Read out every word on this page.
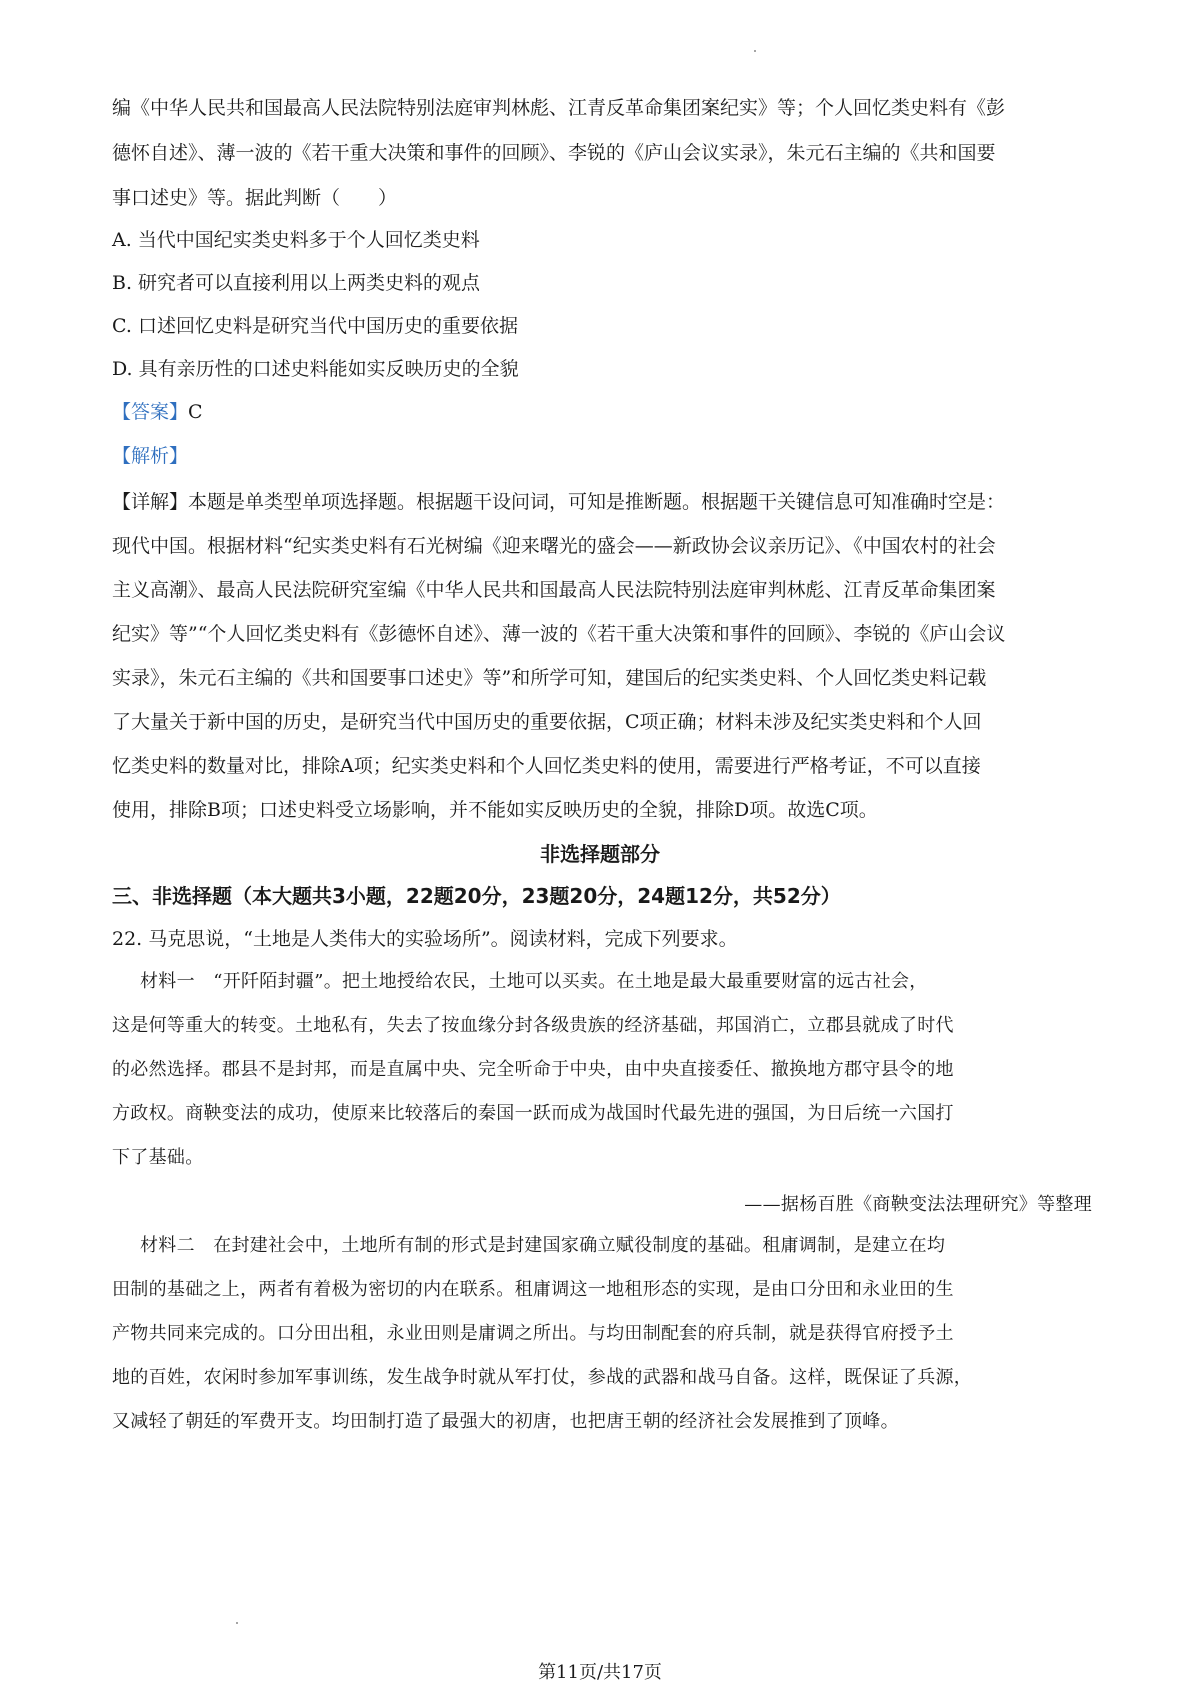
编《中华人民共和国最高人民法院特别法庭审判林彪、江青反革命集团案纪实》等；个人回忆类史料有《彭
德怀自述》、薄一波的《若干重大决策和事件的回顾》、李锐的《庐山会议实录》，朱元石主编的《共和国要
事口述史》等。据此判断（　　）
A. 当代中国纪实类史料多于个人回忆类史料
B. 研究者可以直接利用以上两类史料的观点
C. 口述回忆史料是研究当代中国历史的重要依据
D. 具有亲历性的口述史料能如实反映历史的全貌
【答案】C
【解析】
【详解】本题是单类型单项选择题。根据题干设问词，可知是推断题。根据题干关键信息可知准确时空是：
现代中国。根据材料“纪实类史料有石光树编《迎来曙光的盛会——新政协会议亲历记》、《中国农村的社会
主义高潮》、最高人民法院研究室编《中华人民共和国最高人民法院特别法庭审判林彪、江青反革命集团案
纪实》等”“个人回忆类史料有《彭德怀自述》、薄一波的《若干重大决策和事件的回顾》、李锐的《庐山会议
实录》，朱元石主编的《共和国要事口述史》等”和所学可知，建国后的纪实类史料、个人回忆类史料记载
了大量关于新中国的历史，是研究当代中国历史的重要依据，C项正确；材料未涉及纪实类史料和个人回
忆类史料的数量对比，排除A项；纪实类史料和个人回忆类史料的使用，需要进行严格考证，不可以直接
使用，排除B项；口述史料受立场影响，并不能如实反映历史的全貌，排除D项。故选C项。
非选择题部分
三、非选择题（本大题共3小题，22题20分，23题20分，24题12分，共52分）
22. 马克思说，“土地是人类伟大的实验场所”。阅读材料，完成下列要求。
材料一　“开阡陌封疆”。把土地授给农民，土地可以买卖。在土地是最大最重要财富的远古社会，
这是何等重大的转变。土地私有，失去了按血缘分封各级贵族的经济基础，邦国消亡，立郡县就成了时代
的必然选择。郡县不是封邦，而是直属中央、完全听命于中央，由中央直接委任、撤换地方郡守县令的地
方政权。商鞅变法的成功，使原来比较落后的秦国一跃而成为战国时代最先进的强国，为日后统一六国打
下了基础。
——据杨百胜《商鞅变法法理研究》等整理
材料二　在封建社会中，土地所有制的形式是封建国家确立赋役制度的基础。租庸调制，是建立在均
田制的基础之上，两者有着极为密切的内在联系。租庸调这一地租形态的实现，是由口分田和永业田的生
产物共同来完成的。口分田出租，永业田则是庸调之所出。与均田制配套的府兵制，就是获得官府授予土
地的百姓，农闲时参加军事训练，发生战争时就从军打仗，参战的武器和战马自备。这样，既保证了兵源，
又减轻了朝廷的军费开支。均田制打造了最强大的初唐，也把唐王朝的经济社会发展推到了顶峰。
第11页/共17页
